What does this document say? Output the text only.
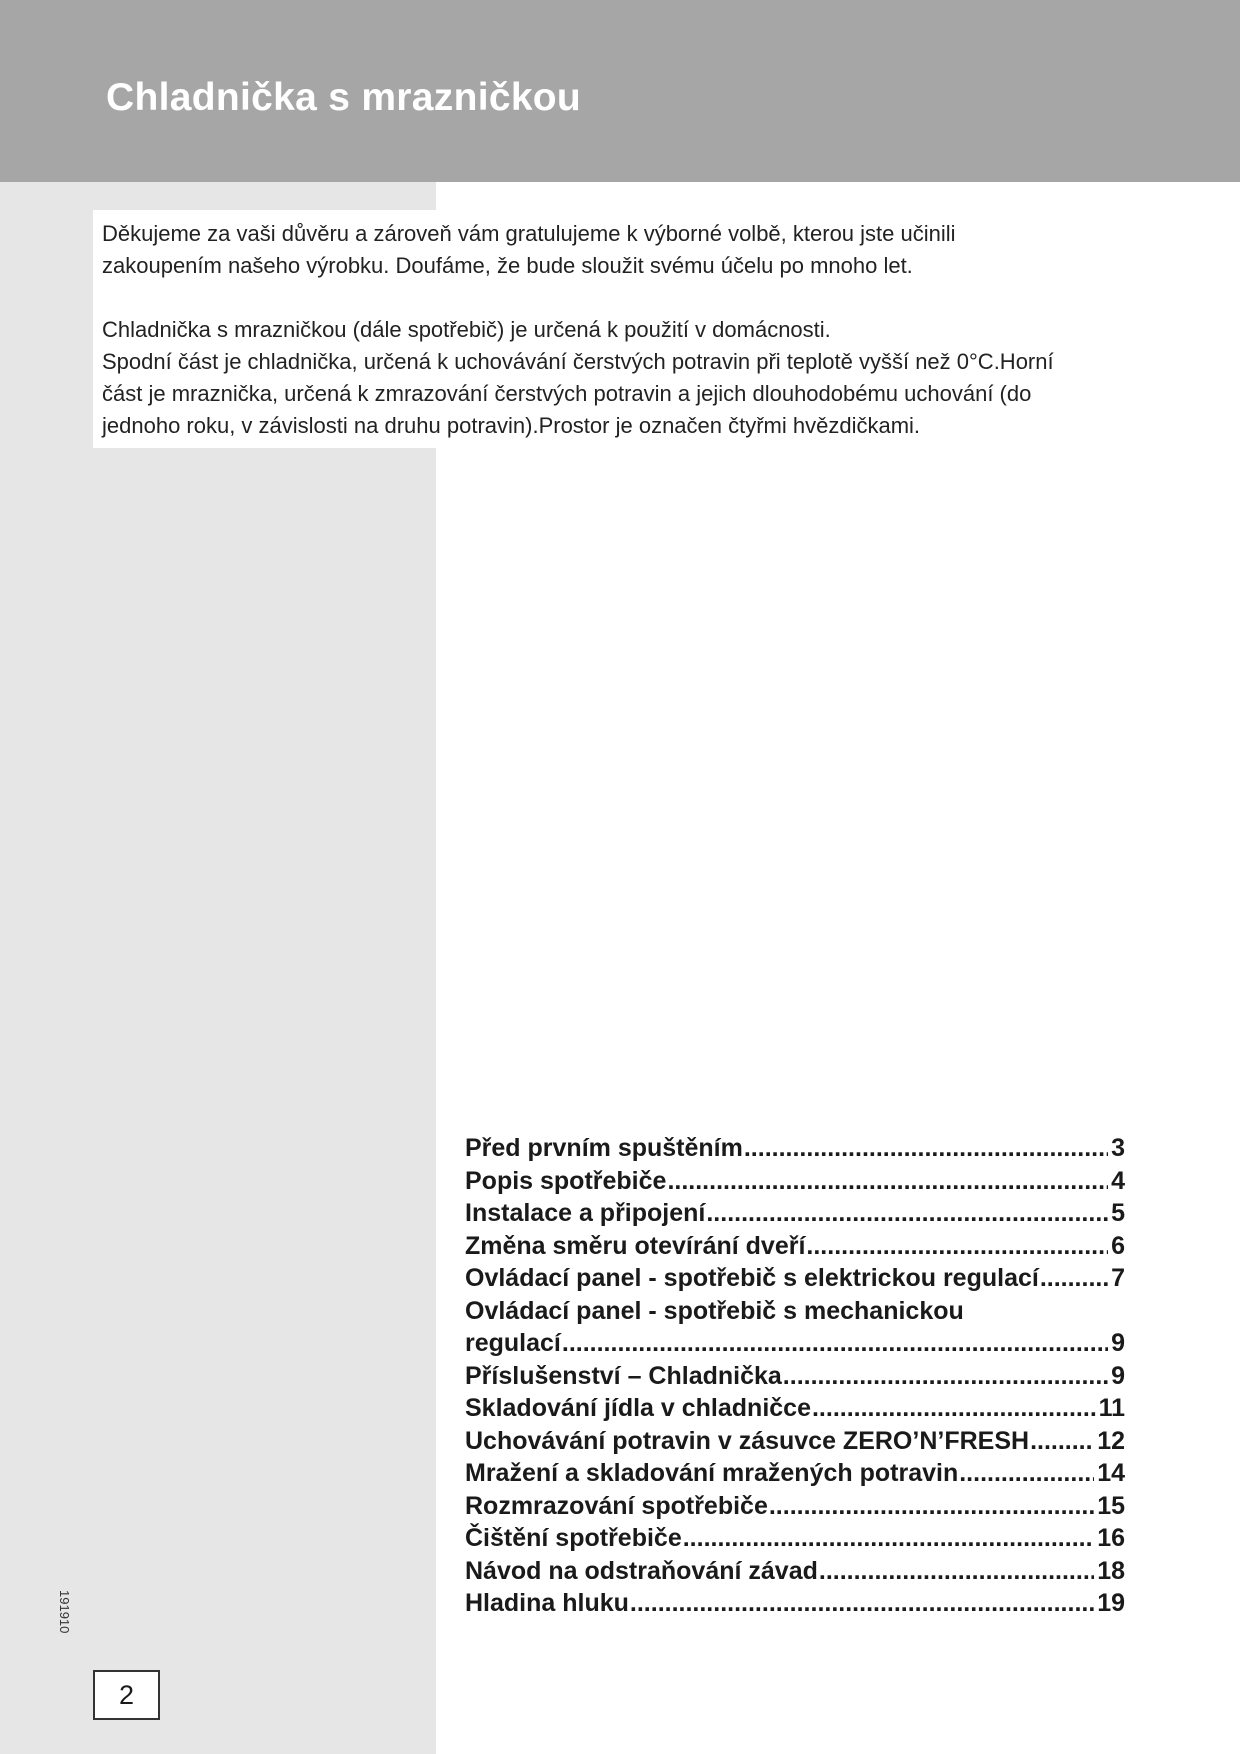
Chladnička s mrazničkou

Děkujeme za vaši důvěru a zároveň vám gratulujeme k výborné volbě, kterou jste učinili

zakoupením našeho výrobku. Doufáme, že bude sloužit svému účelu po mnoho let.

Chladnička s mrazničkou (dále spotřebič) je určená k použití v domácnosti.

Spodní část je chladnička, určená k uchovávání čerstvých potravin při teplotě vyšší než 0°C.Horní

část je mraznička, určená k zmrazování čerstvých potravin a jejich dlouhodobému uchování (do

jednoho roku, v závislosti na druhu potravin).Prostor je označen čtyřmi hvězdičkami.

Před prvním spuštěním .....	3
Popis spotřebiče .....	4
Instalace a připojení .....	5
Změna směru otevírání dveří .....	6
Ovládací panel - spotřebič s elektrickou regulací .....	7
Ovládací panel - spotřebič s mechanickou
regulací .....	9
Příslušenství – Chladnička .....	9
Skladování jídla v chladničce .....	11
Uchovávání potravin v zásuvce ZERO’N’FRESH .....	12
Mražení a skladování mražených potravin .....	14
Rozmrazování spotřebiče .....	15
Čištění spotřebiče .....	16
Návod na odstraňování závad .....	18
Hladina hluku .....	19
191910
2
